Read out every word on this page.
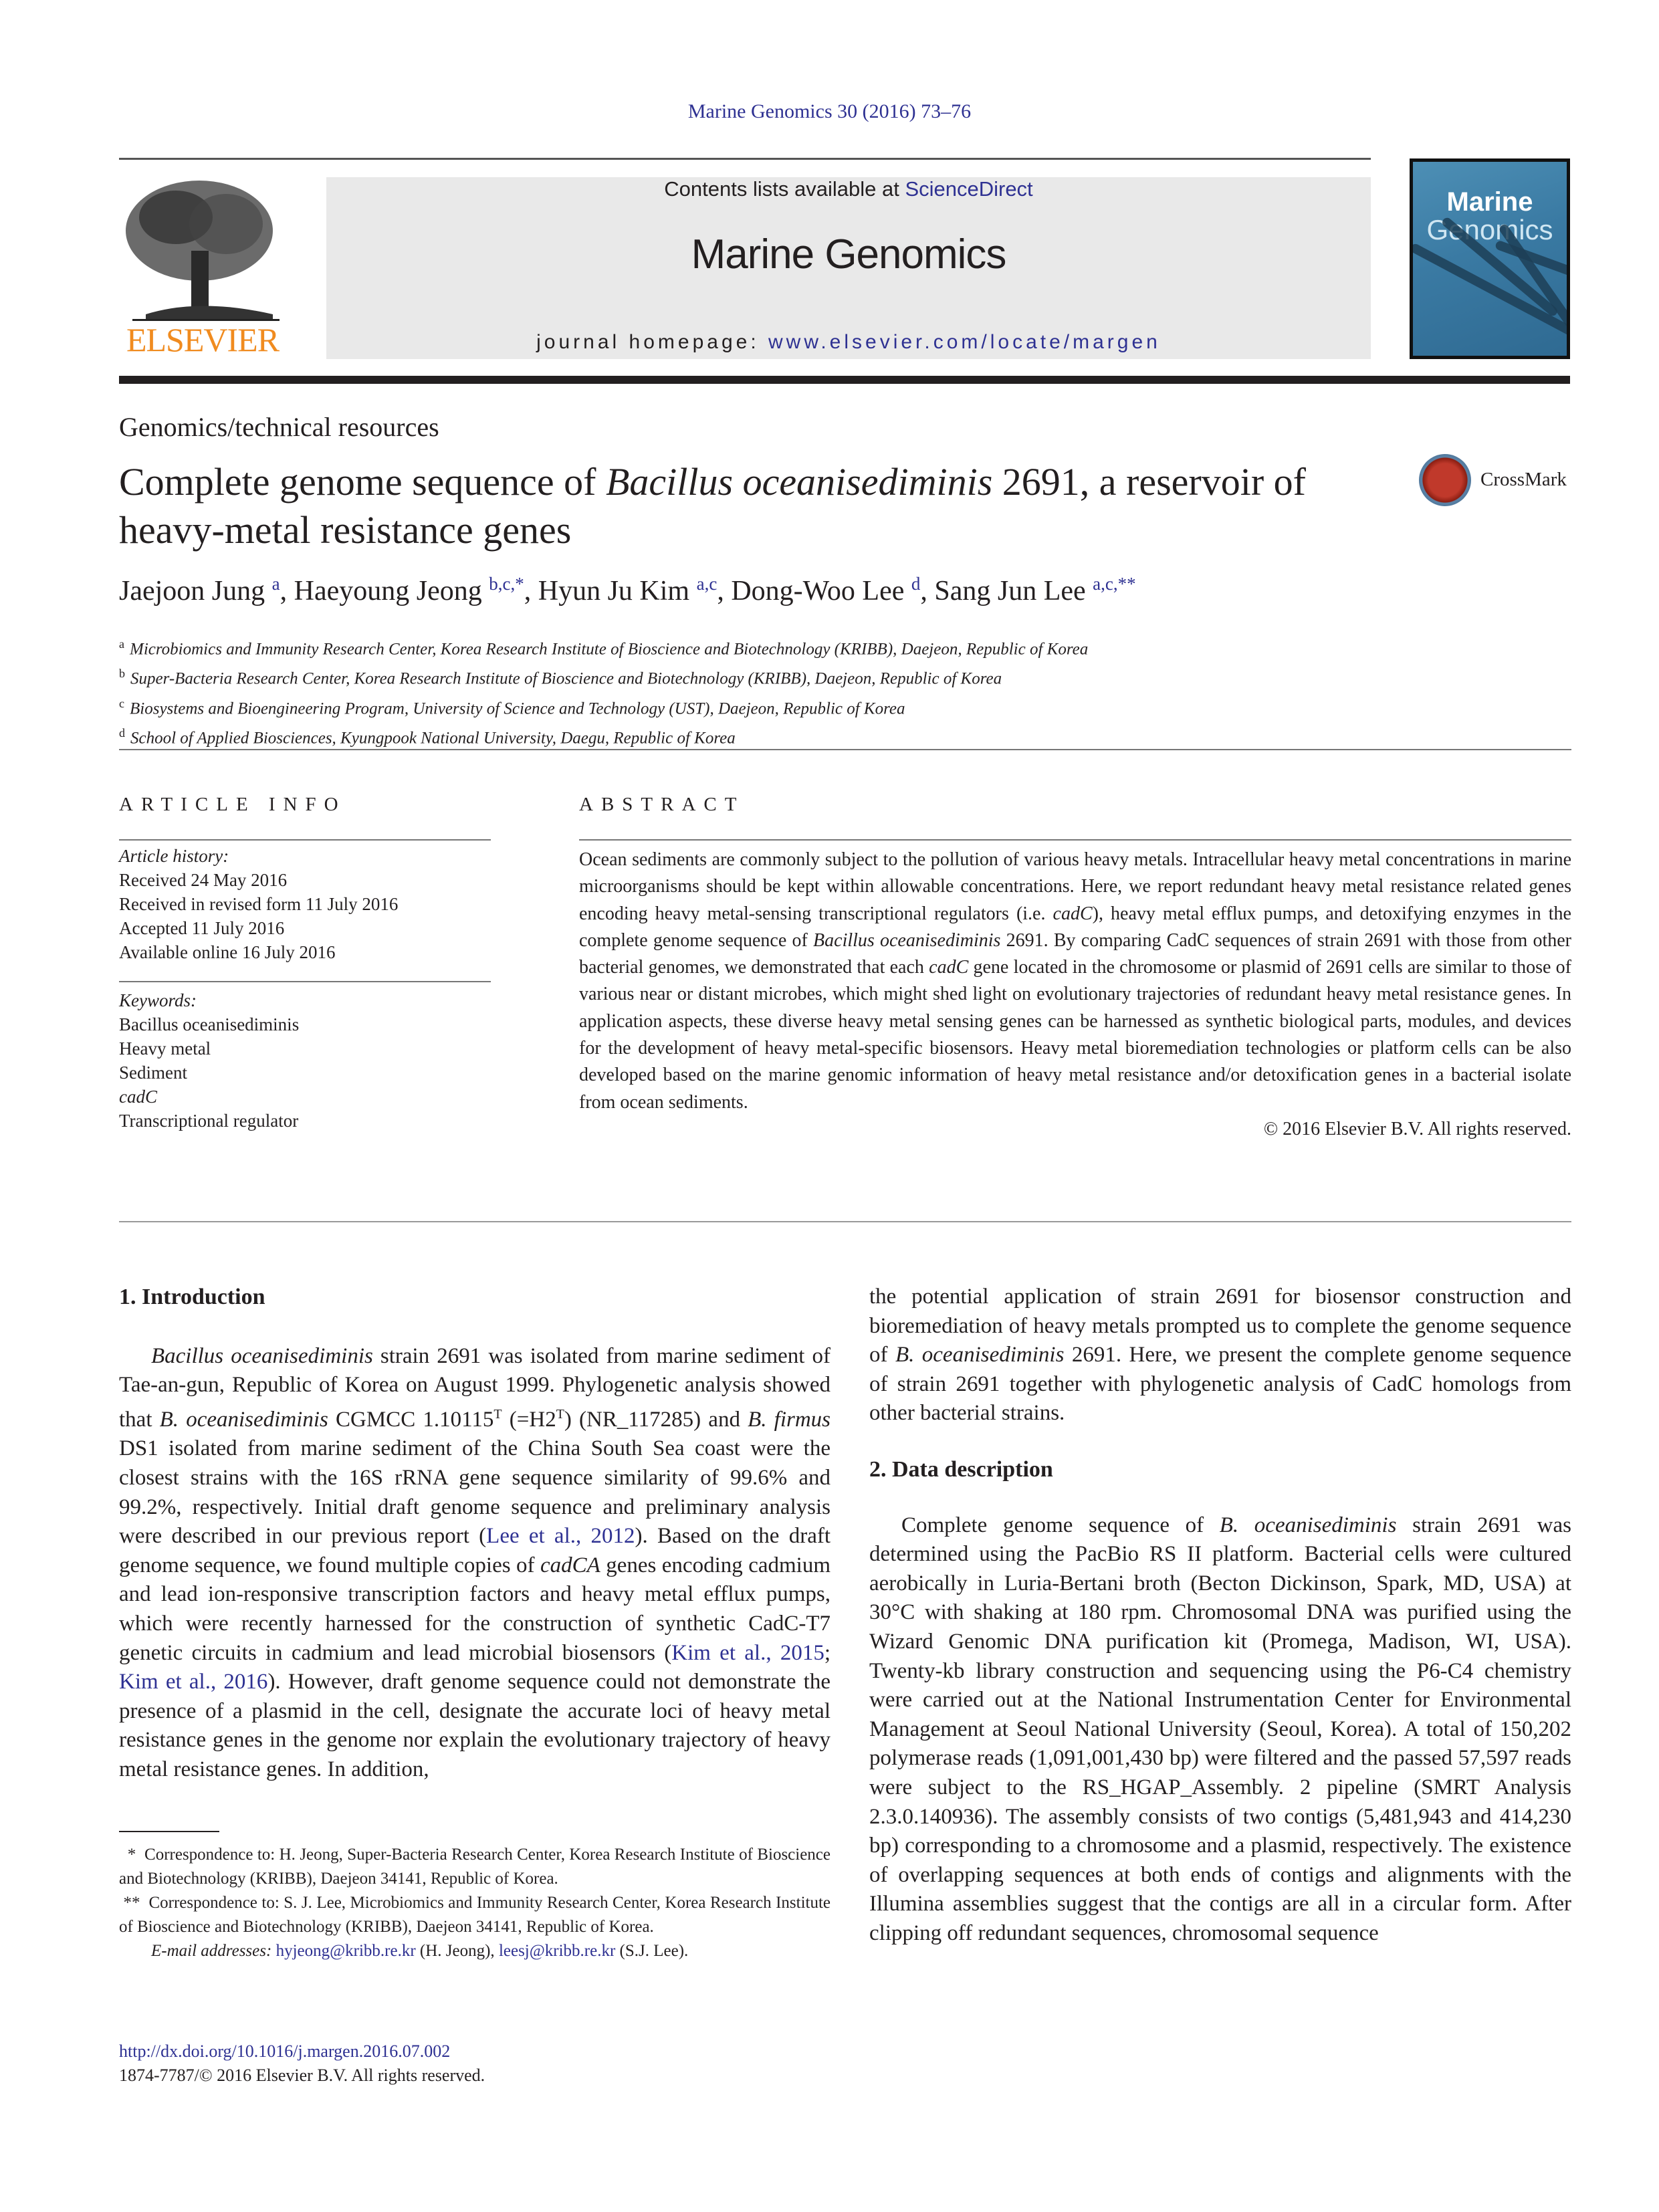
Marine Genomics 30 (2016) 73–76
ELSEVIER
Contents lists available at ScienceDirect
Marine Genomics
journal homepage: www.elsevier.com/locate/margen
Marine
Genomics
Genomics/technical resources
Complete genome sequence of Bacillus oceanisediminis 2691, a reservoir of heavy-metal resistance genes
CrossMark
Jaejoon Jung $^a$, Haeyoung Jeong $^{b,c,*}$, Hyun Ju Kim $^{a,c}$, Dong-Woo Lee $^d$, Sang Jun Lee $^{a,c,**}$
$^a$ Microbiomics and Immunity Research Center, Korea Research Institute of Bioscience and Biotechnology (KRIBB), Daejeon, Republic of Korea
$^b$ Super-Bacteria Research Center, Korea Research Institute of Bioscience and Biotechnology (KRIBB), Daejeon, Republic of Korea
$^c$ Biosystems and Bioengineering Program, University of Science and Technology (UST), Daejeon, Republic of Korea
$^d$ School of Applied Biosciences, Kyungpook National University, Daegu, Republic of Korea
ARTICLE INFO	ABSTRACT
Article history:
Received 24 May 2016
Received in revised form 11 July 2016
Accepted 11 July 2016
Available online 16 July 2016
Keywords:
Bacillus oceanisediminis
Heavy metal
Sediment
cadC
Transcriptional regulator
Ocean sediments are commonly subject to the pollution of various heavy metals. Intracellular heavy metal concentrations in marine microorganisms should be kept within allowable concentrations. Here, we report redundant heavy metal resistance related genes encoding heavy metal-sensing transcriptional regulators (i.e. cadC), heavy metal efflux pumps, and detoxifying enzymes in the complete genome sequence of Bacillus oceanisediminis 2691. By comparing CadC sequences of strain 2691 with those from other bacterial genomes, we demonstrated that each cadC gene located in the chromosome or plasmid of 2691 cells are similar to those of various near or distant microbes, which might shed light on evolutionary trajectories of redundant heavy metal resistance genes. In application aspects, these diverse heavy metal sensing genes can be harnessed as synthetic biological parts, modules, and devices for the development of heavy metal-specific biosensors. Heavy metal bioremediation technologies or platform cells can be also developed based on the marine genomic information of heavy metal resistance and/or detoxification genes in a bacterial isolate from ocean sediments.
© 2016 Elsevier B.V. All rights reserved.
1. Introduction
Bacillus oceanisediminis strain 2691 was isolated from marine sediment of Tae-an-gun, Republic of Korea on August 1999. Phylogenetic analysis showed that B. oceanisediminis CGMCC $1.10115^T$ $(=H2^T)$ (NR_117285) and B. firmus DS1 isolated from marine sediment of the China South Sea coast were the closest strains with the 16S rRNA gene sequence similarity of 99.6% and 99.2%, respectively. Initial draft genome sequence and preliminary analysis were described in our previous report (Lee et al., 2012). Based on the draft genome sequence, we found multiple copies of cadCA genes encoding cadmium and lead ion-responsive transcription factors and heavy metal efflux pumps, which were recently harnessed for the construction of synthetic CadC-T7 genetic circuits in cadmium and lead microbial biosensors (Kim et al., 2015; Kim et al., 2016). However, draft genome sequence could not demonstrate the presence of a plasmid in the cell, designate the accurate loci of heavy metal resistance genes in the genome nor explain the evolutionary trajectory of heavy metal resistance genes. In addition,
* Correspondence to: H. Jeong, Super-Bacteria Research Center, Korea Research Institute of Bioscience and Biotechnology (KRIBB), Daejeon 34141, Republic of Korea.
** Correspondence to: S. J. Lee, Microbiomics and Immunity Research Center, Korea Research Institute of Bioscience and Biotechnology (KRIBB), Daejeon 34141, Republic of Korea.
E-mail addresses: hyjeong@kribb.re.kr (H. Jeong), leesj@kribb.re.kr (S.J. Lee).
http://dx.doi.org/10.1016/j.margen.2016.07.002
1874-7787/© 2016 Elsevier B.V. All rights reserved.
the potential application of strain 2691 for biosensor construction and bioremediation of heavy metals prompted us to complete the genome sequence of B. oceanisediminis 2691. Here, we present the complete genome sequence of strain 2691 together with phylogenetic analysis of CadC homologs from other bacterial strains.
2. Data description
Complete genome sequence of B. oceanisediminis strain 2691 was determined using the PacBio RS II platform. Bacterial cells were cultured aerobically in Luria-Bertani broth (Becton Dickinson, Spark, MD, USA) at 30°C with shaking at 180 rpm. Chromosomal DNA was purified using the Wizard Genomic DNA purification kit (Promega, Madison, WI, USA). Twenty-kb library construction and sequencing using the P6-C4 chemistry were carried out at the National Instrumentation Center for Environmental Management at Seoul National University (Seoul, Korea). A total of 150,202 polymerase reads (1,091,001,430 bp) were filtered and the passed 57,597 reads were subject to the RS_HGAP_Assembly. 2 pipeline (SMRT Analysis 2.3.0.140936). The assembly consists of two contigs (5,481,943 and 414,230 bp) corresponding to a chromosome and a plasmid, respectively. The existence of overlapping sequences at both ends of contigs and alignments with the Illumina assemblies suggest that the contigs are all in a circular form. After clipping off redundant sequences, chromosomal sequence
